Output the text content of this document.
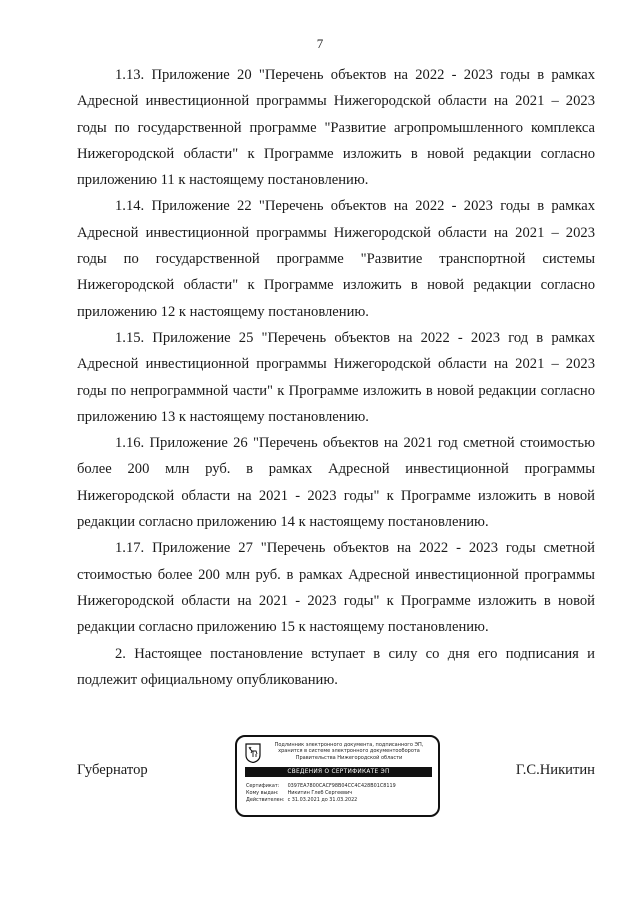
7

1.13. Приложение 20 "Перечень объектов на 2022 - 2023 годы в рамках Адресной инвестиционной программы Нижегородской области на 2021 – 2023 годы по государственной программе "Развитие агропромышленного комплекса Нижегородской области" к Программе изложить в новой редакции согласно приложению 11 к настоящему постановлению.

1.14. Приложение 22 "Перечень объектов на 2022 - 2023 годы в рамках Адресной инвестиционной программы Нижегородской области на 2021 – 2023 годы по государственной программе "Развитие транспортной системы Нижегородской области" к Программе изложить в новой редакции согласно приложению 12 к настоящему постановлению.

1.15. Приложение 25 "Перечень объектов на 2022 - 2023 год в рамках Адресной инвестиционной программы Нижегородской области на 2021 – 2023 годы по непрограммной части" к Программе изложить в новой редакции согласно приложению 13 к настоящему постановлению.

1.16. Приложение 26 "Перечень объектов на 2021 год сметной стоимостью более 200 млн руб. в рамках Адресной инвестиционной программы Нижегородской области на 2021 - 2023 годы" к Программе изложить в новой редакции согласно приложению 14 к настоящему постановлению.

1.17. Приложение 27 "Перечень объектов на 2022 - 2023 годы сметной стоимостью более 200 млн руб. в рамках Адресной инвестиционной программы Нижегородской области на 2021 - 2023 годы" к Программе изложить в новой редакции согласно приложению 15 к настоящему постановлению.

2. Настоящее постановление вступает в силу со дня его подписания и подлежит официальному опубликованию.

Губернатор	Г.С.Никитин
Подлинник электронного документа, подписанного ЭП, хранится в системе электронного документооборота Правительства Нижегородской области
СВЕДЕНИЯ О СЕРТИФИКАТЕ ЭП
Сертификат: 0397EA7800CACF98B04CC4C428B01C8119
Кому выдан: Никитин Глеб Сергеевич
Действителен: с 31.03.2021 до 31.03.2022
